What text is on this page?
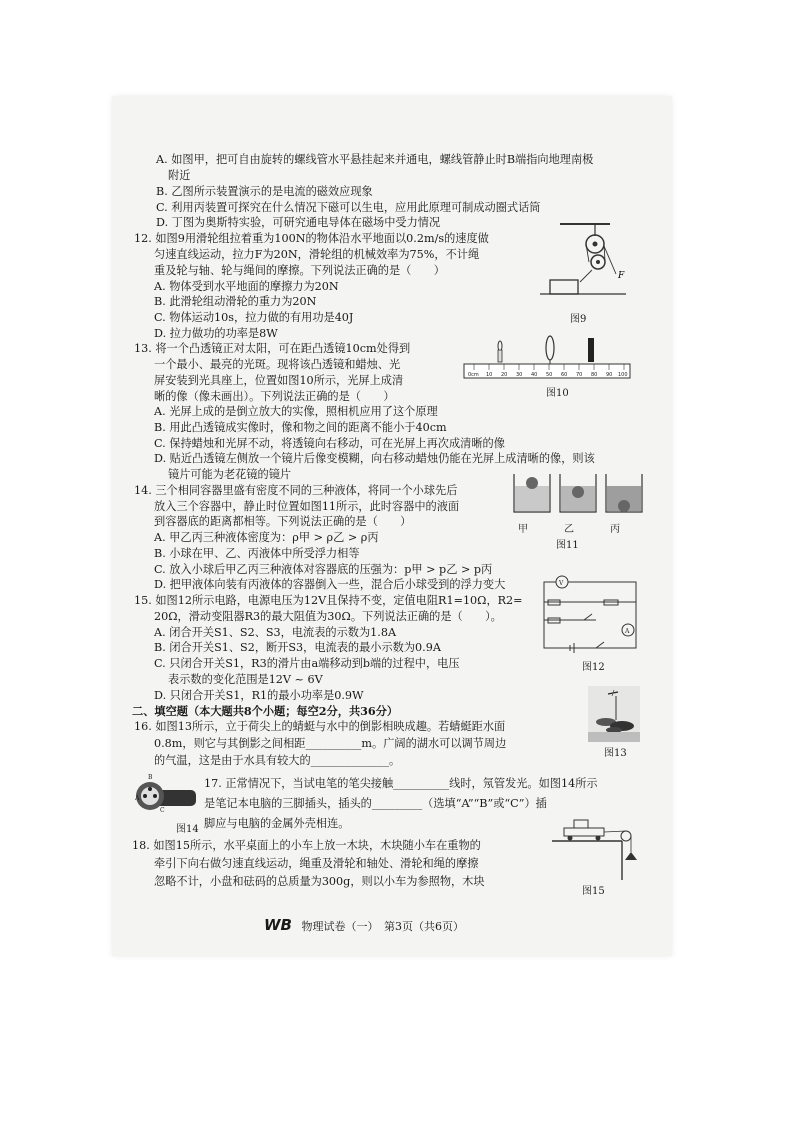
A. 如图甲，把可自由旋转的螺线管水平悬挂起来并通电，螺线管静止时B端指向地理南极
附近
B. 乙图所示装置演示的是电流的磁效应现象
C. 利用丙装置可探究在什么情况下磁可以生电，应用此原理可制成动圈式话筒
D. 丁图为奥斯特实验，可研究通电导体在磁场中受力情况
12. 如图9用滑轮组拉着重为100N的物体沿水平地面以0.2m/s的速度做
匀速直线运动，拉力F为20N，滑轮组的机械效率为75%，不计绳
重及轮与轴、轮与绳间的摩擦。下列说法正确的是（　　）
A. 物体受到水平地面的摩擦力为20N
B. 此滑轮组动滑轮的重力为20N
C. 物体运动10s，拉力做的有用功是40J
D. 拉力做功的功率是8W
13. 将一个凸透镜正对太阳，可在距凸透镜10cm处得到
一个最小、最亮的光斑。现将该凸透镜和蜡烛、光
屏安装到光具座上，位置如图10所示，光屏上成清
晰的像（像未画出）。下列说法正确的是（　　）
A. 光屏上成的是倒立放大的实像，照相机应用了这个原理
B. 用此凸透镜成实像时，像和物之间的距离不能小于40cm
C. 保持蜡烛和光屏不动，将透镜向右移动，可在光屏上再次成清晰的像
D. 贴近凸透镜左侧放一个镜片后像变模糊，向右移动蜡烛仍能在光屏上成清晰的像，则该
镜片可能为老花镜的镜片
14. 三个相同容器里盛有密度不同的三种液体，将同一个小球先后
放入三个容器中，静止时位置如图11所示，此时容器中的液面
到容器底的距离都相等。下列说法正确的是（　　）
A. 甲乙丙三种液体密度为：ρ甲 > ρ乙 > ρ丙
B. 小球在甲、乙、丙液体中所受浮力相等
C. 放入小球后甲乙丙三种液体对容器底的压强为：p甲 > p乙 > p丙
D. 把甲液体向装有丙液体的容器倒入一些，混合后小球受到的浮力变大
15. 如图12所示电路，电源电压为12V且保持不变，定值电阻R1=10Ω，R2=
20Ω，滑动变阻器R3的最大阻值为30Ω。下列说法正确的是（　　）。
A. 闭合开关S1、S2、S3，电流表的示数为1.8A
B. 闭合开关S1、S2，断开S3，电流表的最小示数为0.9A
C. 只闭合开关S1，R3的滑片由a端移动到b端的过程中，电压
表示数的变化范围是12V ~ 6V
D. 只闭合开关S1，R1的最小功率是0.9W
二、填空题（本大题共8个小题；每空2分，共36分）
16. 如图13所示，立于荷尖上的蜻蜓与水中的倒影相映成趣。若蜻蜓距水面
0.8m，则它与其倒影之间相距__________m。广阔的湖水可以调节周边
的气温，这是由于水具有较大的______________。
17. 正常情况下，当试电笔的笔尖接触__________线时，氖管发光。如图14所示
是笔记本电脑的三脚插头，插头的_________（选填“A”“B”或“C”）插
脚应与电脑的金属外壳相连。
18. 如图15所示，水平桌面上的小车上放一木块，木块随小车在重物的
牵引下向右做匀速直线运动，绳重及滑轮和轴处、滑轮和绳的摩擦
忽略不计，小盘和砝码的总质量为300g，则以小车为参照物，木块
F
图9
0cm 10 20 30 40 50 60 70 80 90 100
图10
甲	乙	丙
图11
V
A
图12
图13
B
A
C
图14
图15
WB 物理试卷（一）　第3页（共6页）
